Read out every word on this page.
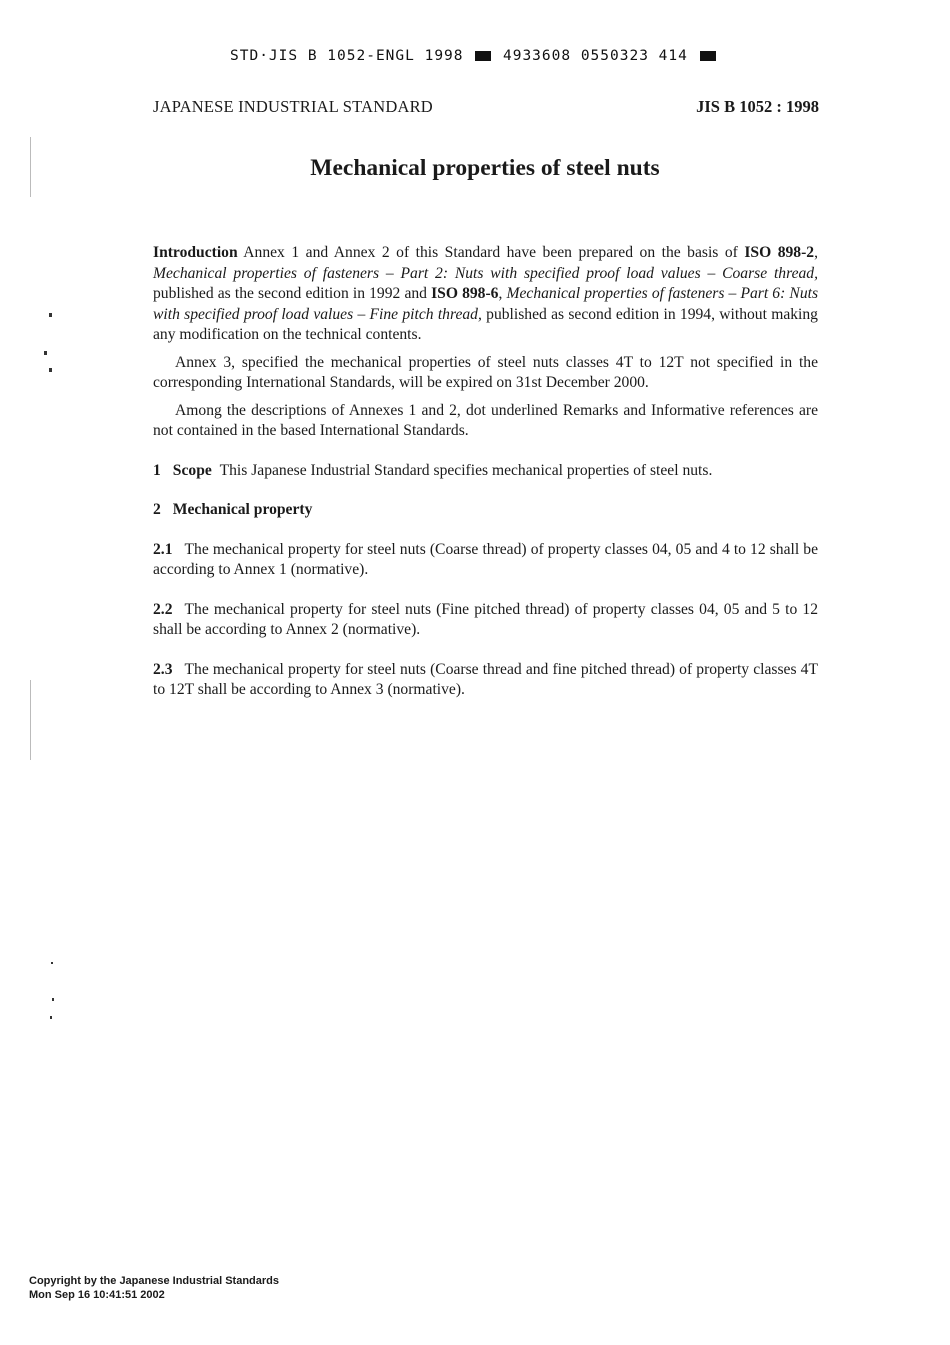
STD·JIS B 1052-ENGL 1998	4933608 0550323 414
JAPANESE INDUSTRIAL STANDARD	JIS B 1052 : 1998
Mechanical properties of steel nuts

Introduction Annex 1 and Annex 2 of this Standard have been prepared on the basis of ISO 898-2, Mechanical properties of fasteners – Part 2: Nuts with specified proof load values – Coarse thread, published as the second edition in 1992 and ISO 898-6, Mechanical properties of fasteners – Part 6: Nuts with specified proof load values – Fine pitch thread, published as second edition in 1994, without making any modification on the technical contents.

Annex 3, specified the mechanical properties of steel nuts classes 4T to 12T not specified in the corresponding International Standards, will be expired on 31st December 2000.

Among the descriptions of Annexes 1 and 2, dot underlined Remarks and Informative references are not contained in the based International Standards.

1 Scope This Japanese Industrial Standard specifies mechanical properties of steel nuts.

2 Mechanical property

2.1 The mechanical property for steel nuts (Coarse thread) of property classes 04, 05 and 4 to 12 shall be according to Annex 1 (normative).

2.2 The mechanical property for steel nuts (Fine pitched thread) of property classes 04, 05 and 5 to 12 shall be according to Annex 2 (normative).

2.3 The mechanical property for steel nuts (Coarse thread and fine pitched thread) of property classes 4T to 12T shall be according to Annex 3 (normative).

Copyright by the Japanese Industrial Standards
Mon Sep 16 10:41:51 2002
